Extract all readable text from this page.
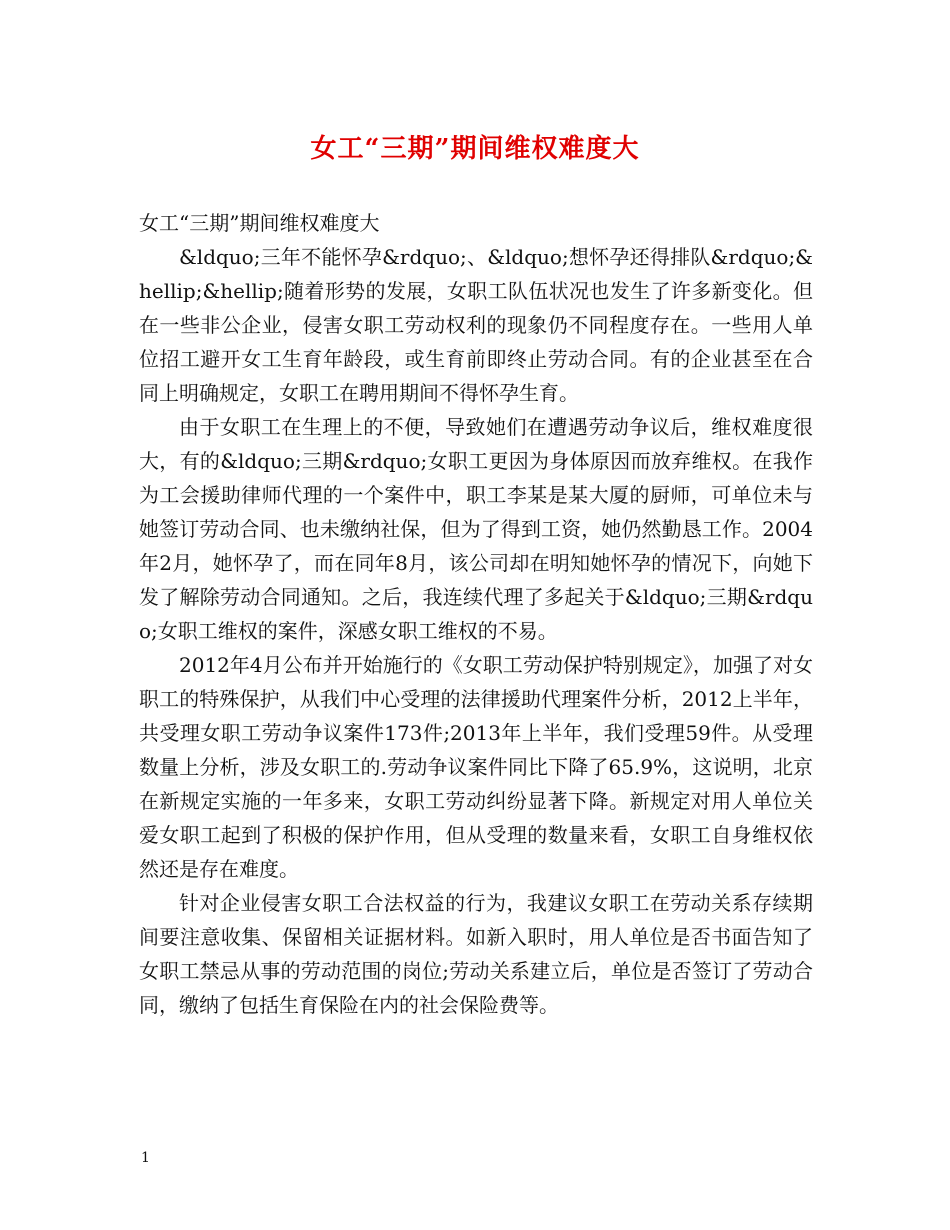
女工“三期”期间维权难度大

女工“三期”期间维权难度大

&ldquo;三年不能怀孕&rdquo;、&ldquo;想怀孕还得排队&rdquo;&hellip;&hellip;随着形势的发展，女职工队伍状况也发生了许多新变化。但在一些非公企业，侵害女职工劳动权利的现象仍不同程度存在。一些用人单位招工避开女工生育年龄段，或生育前即终止劳动合同。有的企业甚至在合同上明确规定，女职工在聘用期间不得怀孕生育。

由于女职工在生理上的不便，导致她们在遭遇劳动争议后，维权难度很大，有的&ldquo;三期&rdquo;女职工更因为身体原因而放弃维权。在我作为工会援助律师代理的一个案件中，职工李某是某大厦的厨师，可单位未与她签订劳动合同、也未缴纳社保，但为了得到工资，她仍然勤恳工作。2004年2月，她怀孕了，而在同年8月，该公司却在明知她怀孕的情况下，向她下发了解除劳动合同通知。之后，我连续代理了多起关于&ldquo;三期&rdquo;女职工维权的案件，深感女职工维权的不易。

2012年4月公布并开始施行的《女职工劳动保护特别规定》，加强了对女职工的特殊保护，从我们中心受理的法律援助代理案件分析，2012上半年，共受理女职工劳动争议案件173件;2013年上半年，我们受理59件。从受理数量上分析，涉及女职工的.劳动争议案件同比下降了65.9%，这说明，北京在新规定实施的一年多来，女职工劳动纠纷显著下降。新规定对用人单位关爱女职工起到了积极的保护作用，但从受理的数量来看，女职工自身维权依然还是存在难度。

针对企业侵害女职工合法权益的行为，我建议女职工在劳动关系存续期间要注意收集、保留相关证据材料。如新入职时，用人单位是否书面告知了女职工禁忌从事的劳动范围的岗位;劳动关系建立后，单位是否签订了劳动合同，缴纳了包括生育保险在内的社会保险费等。

1
